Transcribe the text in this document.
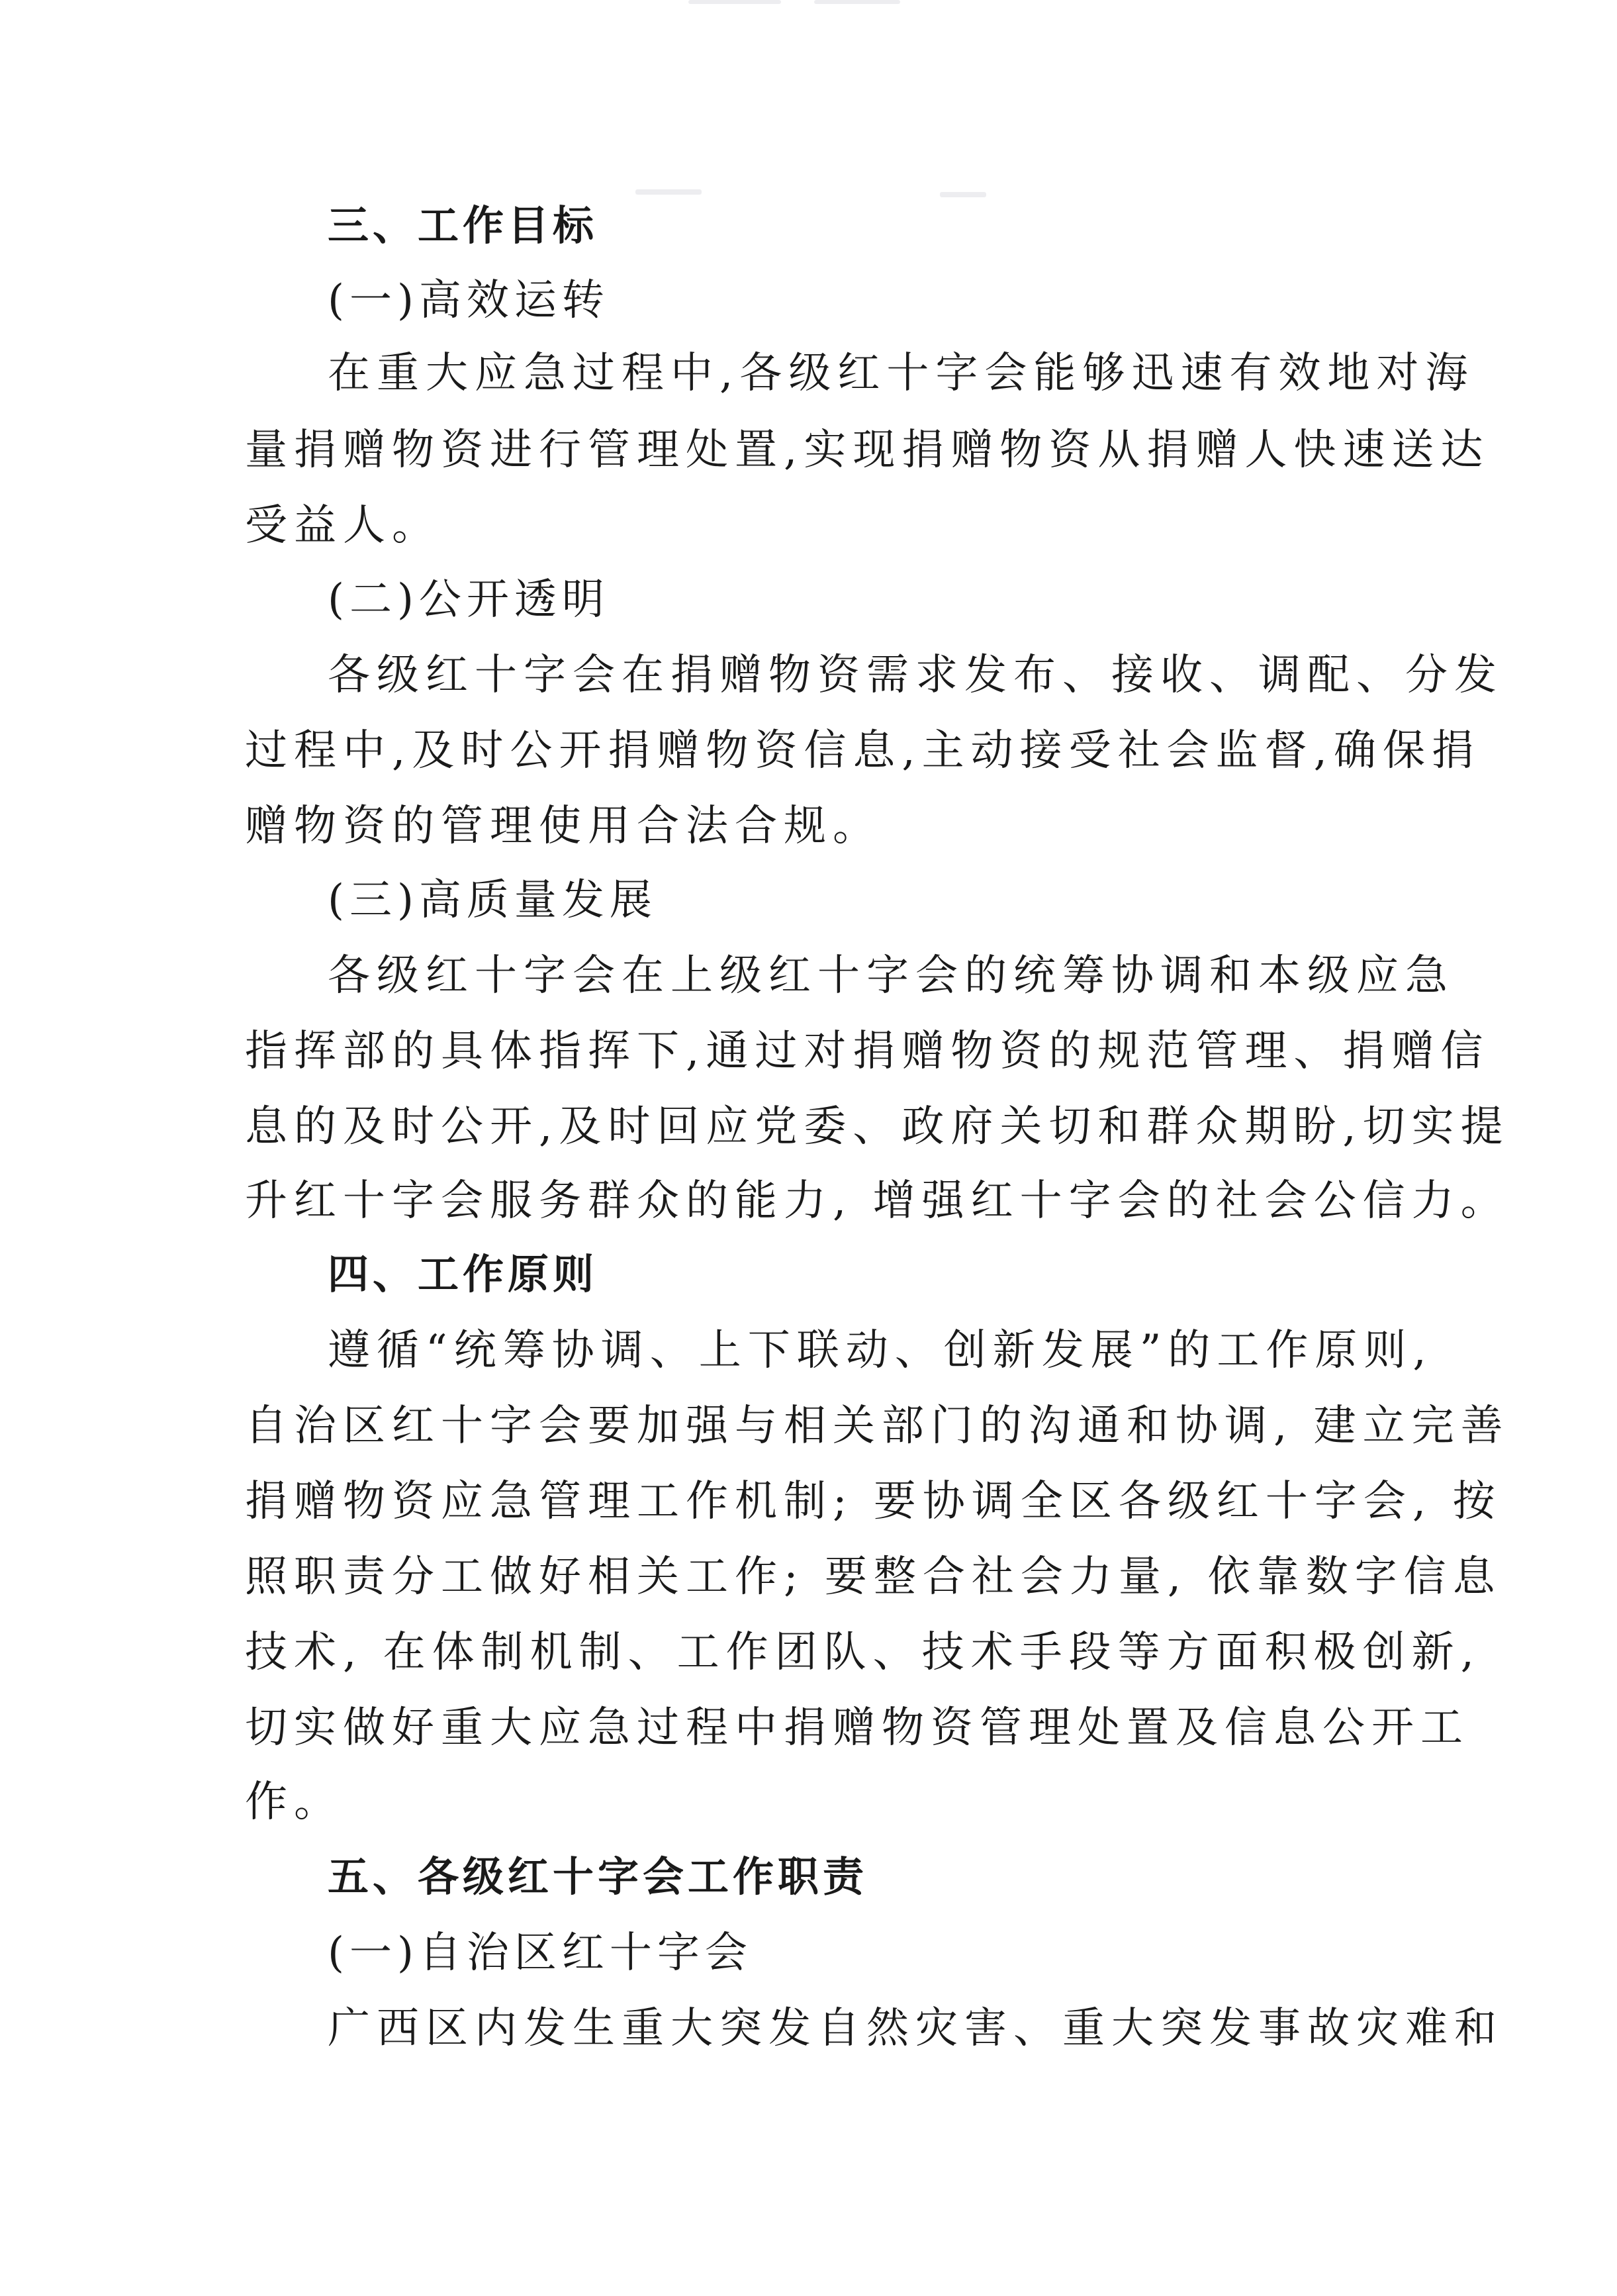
三、工作目标
(一)高效运转
在重大应急过程中,各级红十字会能够迅速有效地对海
量捐赠物资进行管理处置,实现捐赠物资从捐赠人快速送达
受益人。
(二)公开透明
各级红十字会在捐赠物资需求发布、接收、调配、分发
过程中,及时公开捐赠物资信息,主动接受社会监督,确保捐
赠物资的管理使用合法合规。
(三)高质量发展
各级红十字会在上级红十字会的统筹协调和本级应急
指挥部的具体指挥下,通过对捐赠物资的规范管理、捐赠信
息的及时公开,及时回应党委、政府关切和群众期盼,切实提
升红十字会服务群众的能力, 增强红十字会的社会公信力。
四、工作原则
遵循“统筹协调、上下联动、创新发展”的工作原则,
自治区红十字会要加强与相关部门的沟通和协调, 建立完善
捐赠物资应急管理工作机制; 要协调全区各级红十字会, 按
照职责分工做好相关工作; 要整合社会力量, 依靠数字信息
技术, 在体制机制、工作团队、技术手段等方面积极创新,
切实做好重大应急过程中捐赠物资管理处置及信息公开工
作。
五、各级红十字会工作职责
(一)自治区红十字会
广西区内发生重大突发自然灾害、重大突发事故灾难和
